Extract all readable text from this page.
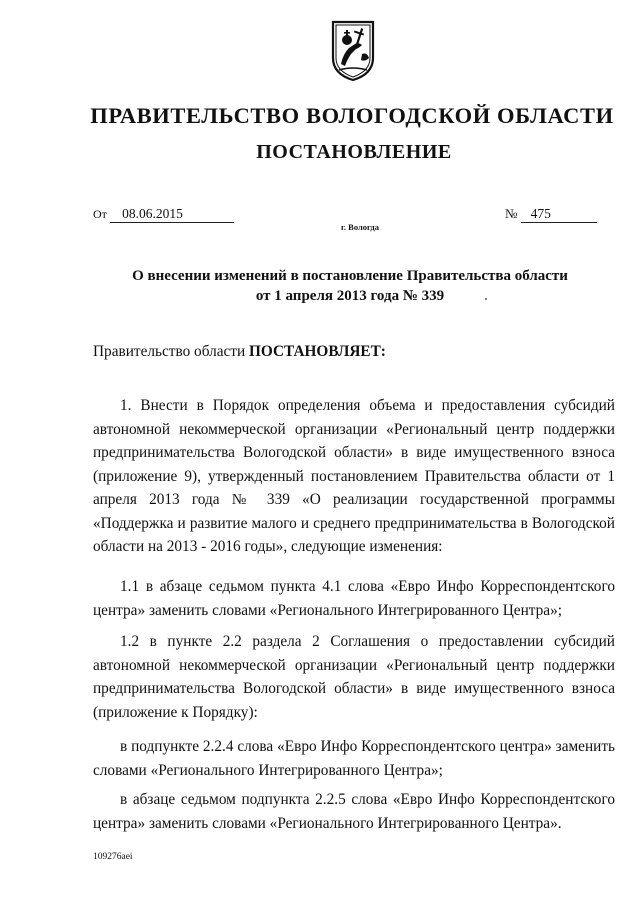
ПРАВИТЕЛЬСТВО ВОЛОГОДСКОЙ ОБЛАСТИ
ПОСТАНОВЛЕНИЕ
От 08.06.2015	№ 475
г. Вологда
О внесении изменений в постановление Правительства области
от 1 апреля 2013 года № 339
Правительство области ПОСТАНОВЛЯЕТ:

1. Внести в Порядок определения объема и предоставления субсидий автономной некоммерческой организации «Региональный центр поддержки предпринимательства Вологодской области» в виде имущественного взноса (приложение 9), утвержденный постановлением Правительства области от 1 апреля 2013 года № 339 «О реализации государственной программы «Поддержка и развитие малого и среднего предпринимательства в Вологодской области на 2013 - 2016 годы», следующие изменения:

1.1 в абзаце седьмом пункта 4.1 слова «Евро Инфо Корреспондентского центра» заменить словами «Регионального Интегрированного Центра»;

1.2 в пункте 2.2 раздела 2 Соглашения о предоставлении субсидий автономной некоммерческой организации «Региональный центр поддержки предпринимательства Вологодской области» в виде имущественного взноса (приложение к Порядку):

в подпункте 2.2.4 слова «Евро Инфо Корреспондентского центра» заменить словами «Регионального Интегрированного Центра»;

в абзаце седьмом подпункта 2.2.5 слова «Евро Инфо Корреспондентского центра» заменить словами «Регионального Интегрированного Центра».

109276аei
